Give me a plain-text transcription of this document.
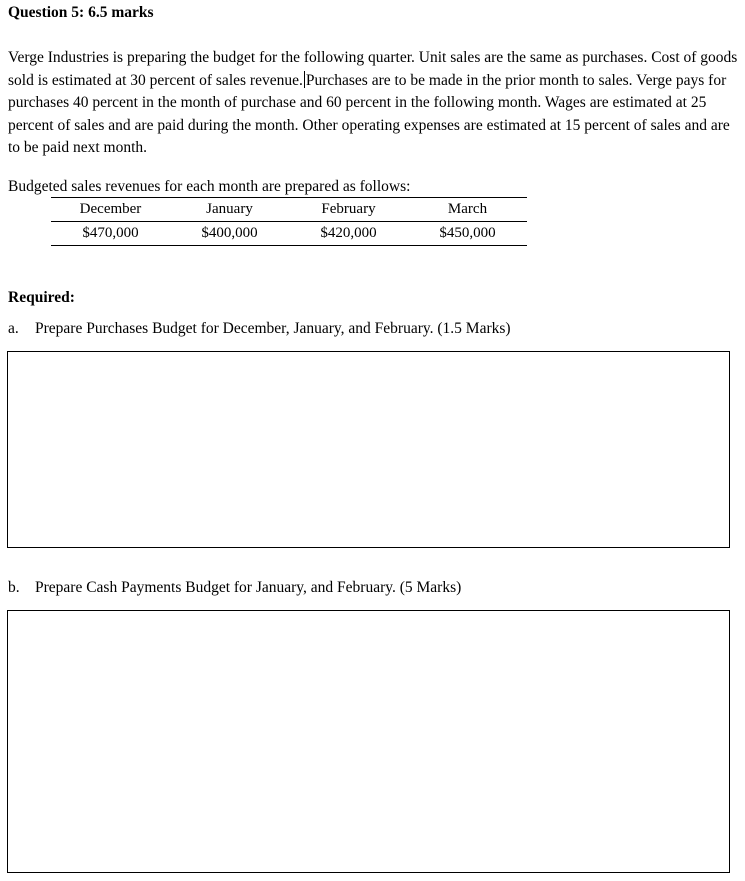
Question 5: 6.5 marks

Verge Industries is preparing the budget for the following quarter. Unit sales are the same as purchases. Cost of goods sold is estimated at 30 percent of sales revenue. Purchases are to be made in the prior month to sales. Verge pays for purchases 40 percent in the month of purchase and 60 percent in the following month. Wages are estimated at 25 percent of sales and are paid during the month. Other operating expenses are estimated at 15 percent of sales and are to be paid next month.

Budgeted sales revenues for each month are prepared as follows:
December	January	February	March
$470,000	$400,000	$420,000	$450,000
Required:
a. Prepare Purchases Budget for December, January, and February. (1.5 Marks)
b. Prepare Cash Payments Budget for January, and February. (5 Marks)
